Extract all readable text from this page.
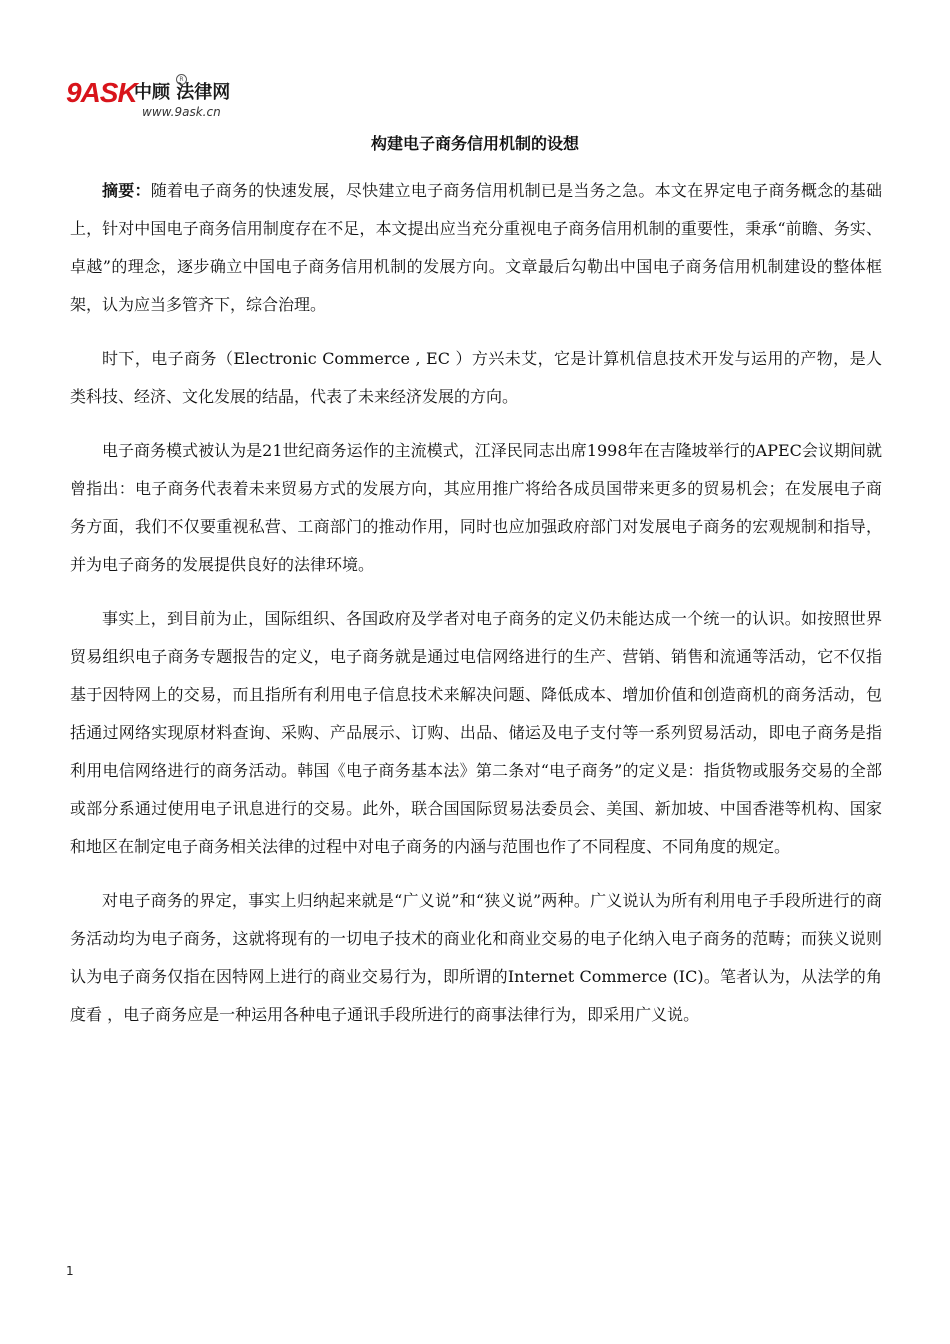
9ASK
中顾 法律网
R
www.9ask.cn
构建电子商务信用机制的设想

摘要：随着电子商务的快速发展，尽快建立电子商务信用机制已是当务之急。本文在界定电子商务概念的基础上，针对中国电子商务信用制度存在不足，本文提出应当充分重视电子商务信用机制的重要性，秉承“前瞻、务实、卓越”的理念，逐步确立中国电子商务信用机制的发展方向。文章最后勾勒出中国电子商务信用机制建设的整体框架，认为应当多管齐下，综合治理。

时下，电子商务（Electronic Commerce , EC ）方兴未艾，它是计算机信息技术开发与运用的产物，是人类科技、经济、文化发展的结晶，代表了未来经济发展的方向。

电子商务模式被认为是21世纪商务运作的主流模式，江泽民同志出席1998年在吉隆坡举行的APEC会议期间就曾指出：电子商务代表着未来贸易方式的发展方向，其应用推广将给各成员国带来更多的贸易机会；在发展电子商务方面，我们不仅要重视私营、工商部门的推动作用，同时也应加强政府部门对发展电子商务的宏观规制和指导，并为电子商务的发展提供良好的法律环境。

事实上，到目前为止，国际组织、各国政府及学者对电子商务的定义仍未能达成一个统一的认识。如按照世界贸易组织电子商务专题报告的定义，电子商务就是通过电信网络进行的生产、营销、销售和流通等活动，它不仅指基于因特网上的交易，而且指所有利用电子信息技术来解决问题、降低成本、增加价值和创造商机的商务活动，包括通过网络实现原材料查询、采购、产品展示、订购、出品、储运及电子支付等一系列贸易活动，即电子商务是指利用电信网络进行的商务活动。韩国《电子商务基本法》第二条对“电子商务”的定义是：指货物或服务交易的全部或部分系通过使用电子讯息进行的交易。此外，联合国国际贸易法委员会、美国、新加坡、中国香港等机构、国家和地区在制定电子商务相关法律的过程中对电子商务的内涵与范围也作了不同程度、不同角度的规定。

对电子商务的界定，事实上归纳起来就是“广义说”和“狭义说”两种。广义说认为所有利用电子手段所进行的商务活动均为电子商务，这就将现有的一切电子技术的商业化和商业交易的电子化纳入电子商务的范畴；而狭义说则认为电子商务仅指在因特网上进行的商业交易行为，即所谓的Internet Commerce (IC)。笔者认为，从法学的角度看 ，电子商务应是一种运用各种电子通讯手段所进行的商事法律行为，即采用广义说。

1
